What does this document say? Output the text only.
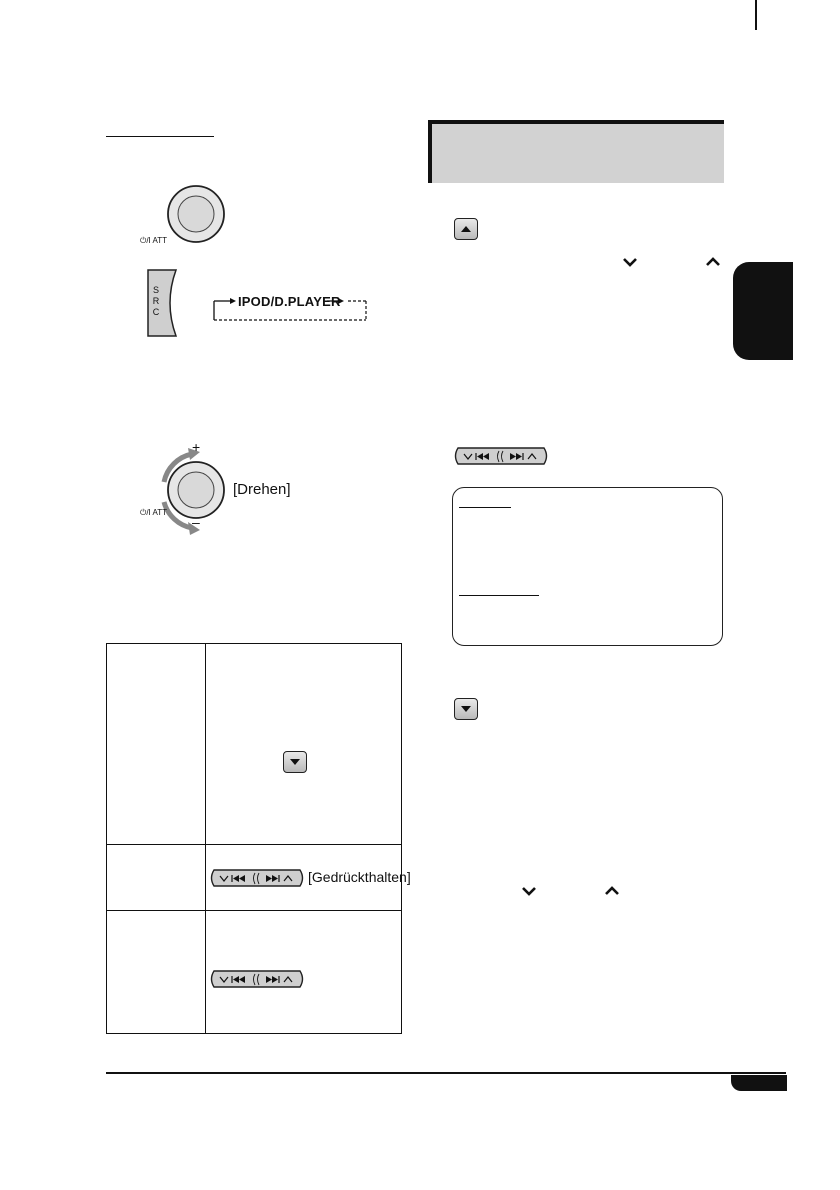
⏻/I ATT
S R C
IPOD/D.PLAYER
+
–
⏻/I ATT
[Drehen]
[Gedrückthalten]
